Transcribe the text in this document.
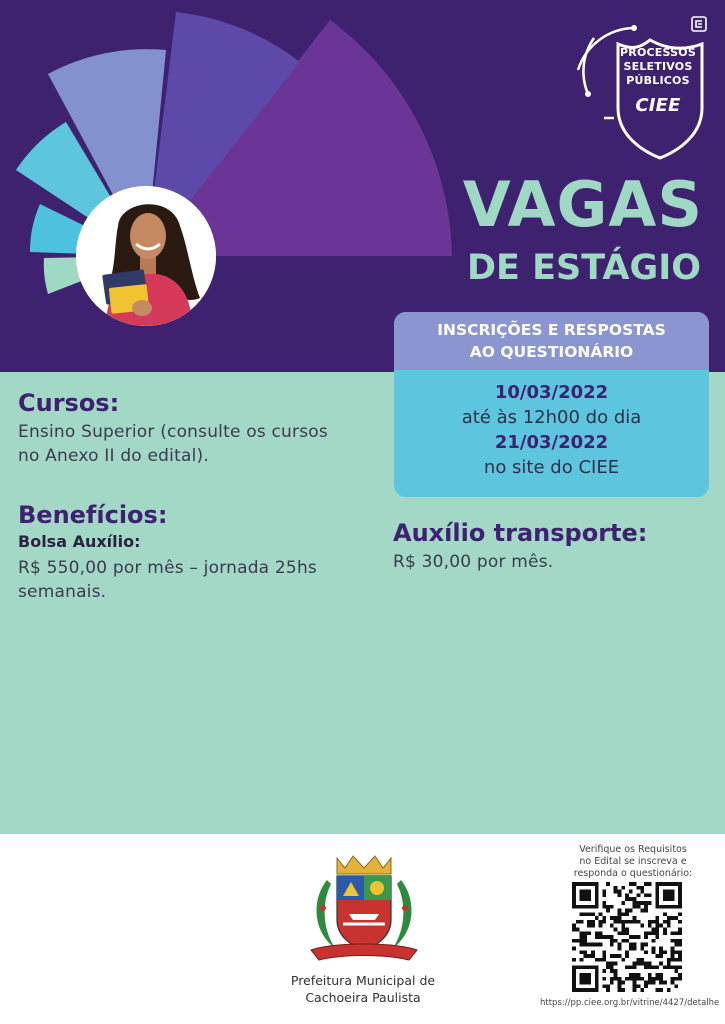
PROCESSOS
SELETIVOS
PÚBLICOS
CIEE
VAGAS
DE ESTÁGIO
Cursos:
Ensino Superior (consulte os cursos
no Anexo II do edital).
Benefícios:
Bolsa Auxílio:
R$ 550,00 por mês – jornada 25hs
semanais.
Auxílio transporte:
R$ 30,00 por mês.
INSCRIÇÕES E RESPOSTAS
AO QUESTIONÁRIO
10/03/2022
até às 12h00 do dia
21/03/2022
no site do CIEE
Prefeitura Municipal de
Cachoeira Paulista
Verifique os Requisitos
no Edital se inscreva e
responda o questionário:
https://pp.ciee.org.br/vitrine/4427/detalhe
